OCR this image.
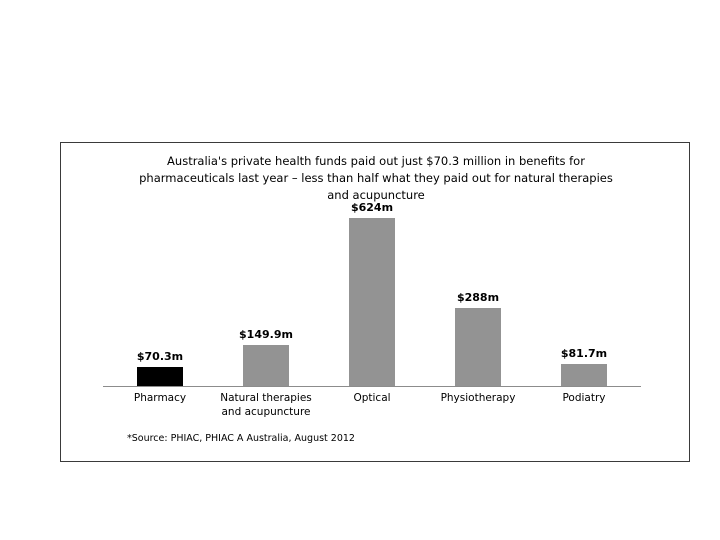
Australia's private health funds paid out just $70.3 million in benefits for
pharmaceuticals last year – less than half what they paid out for natural therapies
and acupuncture
$70.3m
$149.9m
$624m
$288m
$81.7m
Pharmacy	Natural therapies
and acupuncture
Optical	Physiotherapy	Podiatry
*Source: PHIAC, PHIAC A Australia, August 2012
